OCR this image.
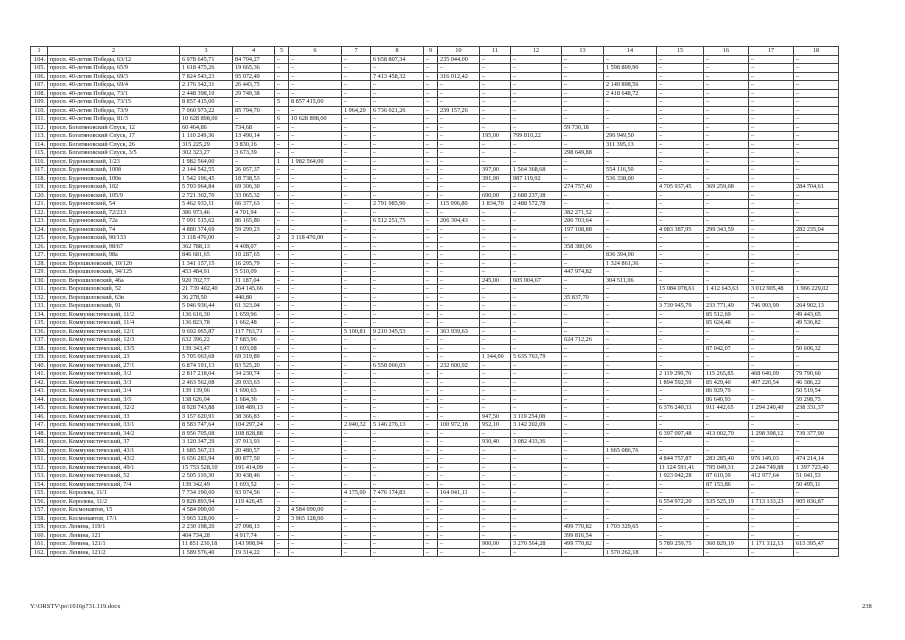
1	2	3	4	5	6	7	8	9	10	11	12	13	14	15	16	17	18
104.	просп. 40-летия Победы, 63/12	6 978 645,71	84 794,27	–	–	–	6 658 807,34	–	235 044,00	–	–	–	–	–	–	–	–
105.	просп. 40-летия Победы, 65/9	1 618 475,26	19 665,36	–	–	–	–	–	–	–	–	–	1 598 809,90	–	–	–	–
106.	просп. 40-летия Победы, 69/3	7 824 543,23	95 072,49	–	–	–	7 413 458,32	–	316 012,42	–	–	–	–	–	–	–	–
107.	просп. 40-летия Победы, 69/4	2 176 342,31	26 443,75	–	–	–	–	–	–	–	–	–	2 149 898,56	–	–	–	–
108.	просп. 40-летия Победы, 73/1	2 448 398,10	29 749,38	–	–	–	–	–	–	–	–	–	2 418 648,72	–	–	–	–
109.	просп. 40-летия Победы, 73/15	8 857 415,00	–	5	8 857 415,00	–	–	–	–	–	–	–	–	–	–	–	–
110.	просп. 40-летия Победы, 73/9	7 060 973,22	85 794,70	–	–	1 964,20	6 736 021,26	–	239 157,26	–	–	–	–	–	–	–	–
111.	просп. 40-летия Победы, 81/3	10 628 898,00	–	6	10 628 898,00	–	–	–	–	–	–	–	–	–	–	–	–
112.	просп. Богатяновский Спуск, 12	60 464,86	734,68	–	–	–	–	–	–	–	–	59 730,18	–	–	–	–	–
113.	просп. Богатяновский Спуск, 17	1 110 249,36	13 490,14	–	–	–	–	–	–	195,00	799 810,22	–	296 949,50	–	–	–	–
114.	просп. Богатяновский Спуск, 26	315 225,29	3 830,16	–	–	–	–	–	–	–	–	–	311 395,13	–	–	–	–
115.	просп. Богатяновский Спуск, 3/5	302 323,27	3 673,39	–	–	–	–	–	–	–	–	298 649,88	–	–	–	–	–
116.	просп. Буденновский, 1/23	1 982 564,00	–	1	1 982 564,00	–	–	–	–	–	–	–	–	–	–	–	–
117.	просп. Буденновский, 100б	2 144 542,55	26 057,37	–	–	–	–	–	–	397,00	1 564 368,68	–	554 116,50	–	–	–	–
118.	просп. Буденновский, 100в	1 542 196,45	18 738,53	–	–	–	–	–	–	391,00	987 119,92	–	536 338,00	–	–	–	–
119.	просп. Буденновский, 102	5 703 964,84	69 306,30	–	–	–	–	–	–	–	–	274 757,40	–	4 705 937,45	369 259,08	–	284 704,61
120.	просп. Буденновский, 105/9	2 721 302,70	33 065,32	–	–	–	–	–	–	690,00	2 688 237,38	–	–	–	–	–	–
121.	просп. Буденновский, 54	5 462 933,11	66 377,63	–	–	–	2 791 985,90	–	115 996,80	1 834,70	2 488 572,78	–	–	–	–	–	–
122.	просп. Буденновский, 72/213	386 973,46	4 701,94	–	–	–	–	–	–	–	–	382 271,52	–	–	–	–	–
123.	просп. Буденновский, 72а	7 091 515,62	86 165,80	–	–	–	6 512 251,75	–	206 394,43	–	–	286 703,64	–	–	–	–	–
124.	просп. Буденновский, 74	4 880 374,69	59 299,23	–	–	–	–	–	–	–	–	197 108,88	–	4 083 387,95	299 343,59	–	282 235,04
125.	просп. Буденновский, 90/133	3 118 476,00	–	2	3 118 476,00	–	–	–	–	–	–	–	–	–	–	–	–
126.	просп. Буденновский, 98/67	362 788,13	4 408,07	–	–	–	–	–	–	–	–	358 380,06	–	–	–	–	–
127.	просп. Буденновский, 98а	846 681,65	10 287,65	–	–	–	–	–	–	–	–	–	836 394,00	–	–	–	–
128.	просп. Ворошиловский, 10/120	1 341 157,15	16 295,79	–	–	–	–	–	–	–	–	–	1 324 861,36	–	–	–	–
129.	просп. Ворошиловский, 34/125	453 484,91	5 510,09	–	–	–	–	–	–	–	–	447 974,82	–	–	–	–	–
130.	просп. Ворошиловский, 46а	920 702,77	11 187,04	–	–	–	–	–	–	245,00	605 004,67	–	304 511,06	–	–	–	–
131.	просп. Ворошиловский, 52	21 739 402,40	264 145,66	–	–	–	–	–	–	–	–	–	–	15 084 078,61	1 412 643,63	3 012 905,48	1 966 229,02
132.	просп. Ворошиловский, 63в	36 278,50	440,80	–	–	–	–	–	–	–	–	35 837,70	–	–	–	–	–
133.	просп. Ворошиловский, 91	5 046 936,44	61 323,04	–	–	–	–	–	–	–	–	–	–	3 739 945,79	233 771,49	746 993,99	264 902,13
134.	просп. Коммунистический, 11/2	136 616,30	1 659,96	–	–	–	–	–	–	–	–	–	–	–	85 512,69	–	49 443,65
135.	просп. Коммунистический, 11/4	136 823,78	1 662,48	–	–	–	–	–	–	–	–	–	–	–	85 624,48	–	49 536,82
136.	просп. Коммунистический, 12/1	9 692 065,87	117 763,71	–	–	5 100,81	9 210 345,53	–	363 939,63	–	–	–	–	–	–	–	–
137.	просп. Коммунистический, 12/3	632 396,22	7 683,96	–	–	–	–	–	–	–	–	624 712,26	–	–	–	–	–
138.	просп. Коммунистический, 13/5	139 343,47	1 693,08	–	–	–	–	–	–	–	–	–	–	–	87 042,07	–	50 606,32
139.	просп. Коммунистический, 23	5 705 063,68	69 319,89	–	–	–	–	–	–	1 344,00	5 635 763,79	–	–	–	–	–	–
140.	просп. Коммунистический, 27/1	6 874 191,13	83 525,20	–	–	–	6 558 066,03	–	232 600,92	–	–	–	–	–	–	–	–
141.	просп. Коммунистический, 3/2	2 817 218,04	34 230,74	–	–	–	–	–	–	–	–	–	–	2 119 290,76	115 265,85	468 640,09	79 790,60
142.	просп. Коммунистический, 3/3	2 463 562,08	29 933,63	–	–	–	–	–	–	–	–	–	–	1 894 592,59	85 429,40	407 220,54	46 386,22
143.	просп. Коммунистический, 3/4	139 139,96	1 690,63	–	–	–	–	–	–	–	–	–	–	–	86 929,79	–	50 519,54
144.	просп. Коммунистический, 3/5	138 626,04	1 684,36	–	–	–	–	–	–	–	–	–	–	–	86 640,93	–	50 298,75
145.	просп. Коммунистический, 32/2	8 928 743,88	108 489,13	–	–	–	–	–	–	–	–	–	–	6 376 240,33	911 442,65	1 294 240,40	238 331,37
146.	просп. Коммунистический, 33	3 157 620,91	38 366,83	–	–	–	–	–	–	947,50	3 119 254,08	–	–	–	–	–	–
147.	просп. Коммунистический, 33/1	8 583 747,64	104 297,24	–	–	2 040,32	5 146 276,13	–	100 972,18	952,10	3 142 202,09	–	–	–	–	–	–
148.	просп. Коммунистический, 34/2	8 956 705,08	108 828,88	–	–	–	–	–	–	–	–	–	–	6 397 097,48	413 002,70	1 298 398,12	739 377,90
149.	просп. Коммунистический, 37	3 120 347,29	37 913,93	–	–	–	–	–	–	930,40	3 082 433,36	–	–	–	–	–	–
150.	просп. Коммунистический, 43/1	1 685 567,33	20 480,57	–	–	–	–	–	–	–	–	–	1 665 086,76	–	–	–	–
151.	просп. Коммунистический, 43/2	6 656 283,94	80 877,50	–	–	–	–	–	–	–	–	–	–	4 844 757,87	283 285,40	976 149,03	474 214,14
152.	просп. Коммунистический, 49/1	15 753 528,10	191 414,09	–	–	–	–	–	–	–	–	–	–	11 124 591,41	795 049,31	2 244 749,88	1 397 723,40
153.	просп. Коммунистический, 52	2 505 110,30	30 438,46	–	–	–	–	–	–	–	–	–	–	1 923 042,28	87 610,39	412 977,64	51 041,53
154.	просп. Коммунистический, 7/4	139 342,49	1 693,52	–	–	–	–	–	–	–	–	–	–	–	87 153,86	–	50 495,11
155.	просп. Королева, 11/1	7 734 190,60	93 974,56	–	–	4 175,00	7 476 174,83	–	164 041,11	–	–	–	–	–	–	–	–
156.	просп. Королева, 11/2	9 828 893,94	119 426,45	–	–	–	–	–	–	–	–	–	–	6 554 972,20	535 525,19	1 713 133,23	905 836,87
157.	просп. Космонавтов, 15	4 584 090,00	–	2	4 584 090,00	–	–	–	–	–	–	–	–	–	–	–	–
158.	просп. Космонавтов, 17/1	3 965 128,00	–	2	3 965 128,00	–	–	–	–	–	–	–	–	–	–	–	–
159.	просп. Ленина, 119/1	2 230 198,20	27 098,13	–	–	–	–	–	–	–	–	499 770,82	1 703 329,65	–	–	–	–
160.	просп. Ленина, 121	404 734,28	4 917,74	–	–	–	–	–	–	–	–	399 816,54	–	–	–	–	–
161.	просп. Ленина, 121/1	11 851 230,18	143 998,94	–	–	–	–	–	–	900,00	3 270 564,28	499 770,82	–	5 789 259,75	360 829,19	1 171 312,13	615 395,47
162.	просп. Ленина, 121/2	1 589 576,40	19 314,22	–	–	–	–	–	–	–	–	–	1 570 262,18	–	–	–	–
Y:\ORSTV\po\1016p731.119.docx	238
